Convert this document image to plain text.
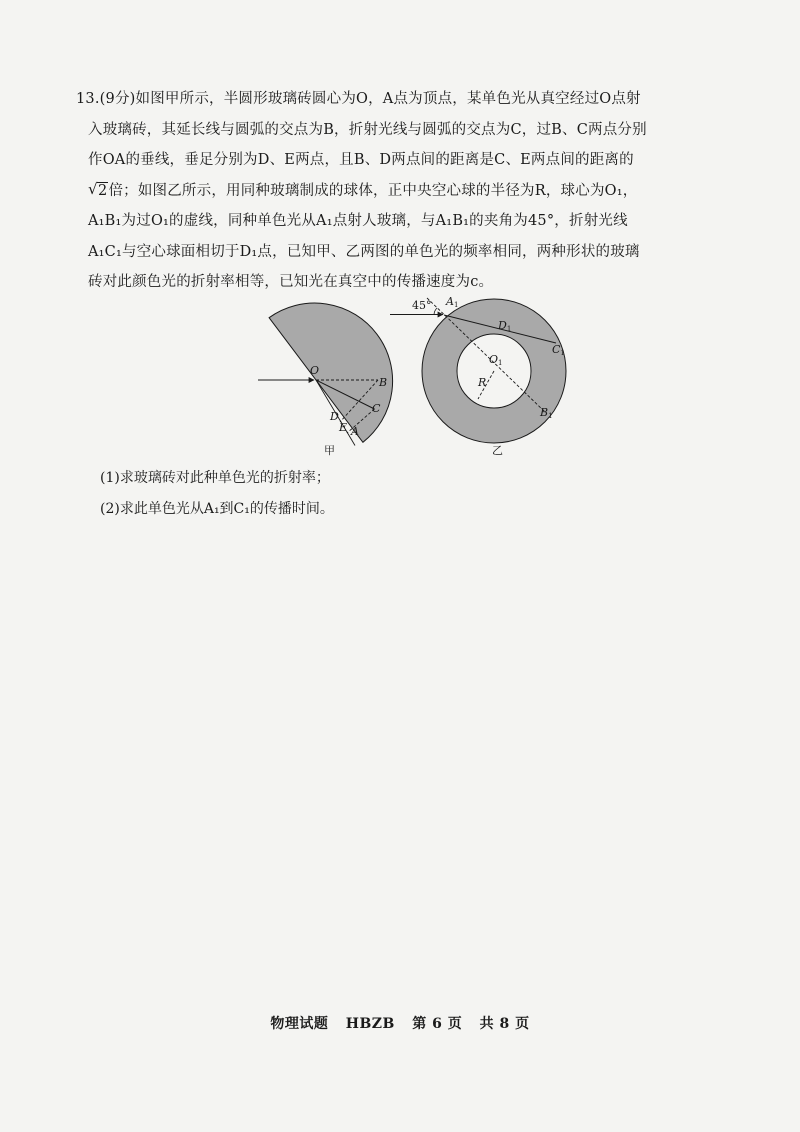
13.(9分)如图甲所示，半圆形玻璃砖圆心为O，A点为顶点，某单色光从真空经过O点射

入玻璃砖，其延长线与圆弧的交点为B，折射光线与圆弧的交点为C，过B、C两点分别

作OA的垂线，垂足分别为D、E两点，且B、D两点间的距离是C、E两点间的距离的

√ 2倍；如图乙所示，用同种玻璃制成的球体，正中央空心球的半径为R，球心为O₁，

A₁B₁为过O₁的虚线，同种单色光从A₁点射人玻璃，与A₁B₁的夹角为45°，折射光线

A₁C₁与空心球面相切于D₁点，已知甲、乙两图的单色光的频率相同，两种形状的玻璃

砖对此颜色光的折射率相等，已知光在真空中的传播速度为c。

O
B
C
D
E A
甲
45° A1
D1
C1
O1
R
B1
乙

(1)求玻璃砖对此种单色光的折射率；

(2)求此单色光从A₁到C₁的传播时间。

物理试题 HBZB 第 6 页 共 8 页
